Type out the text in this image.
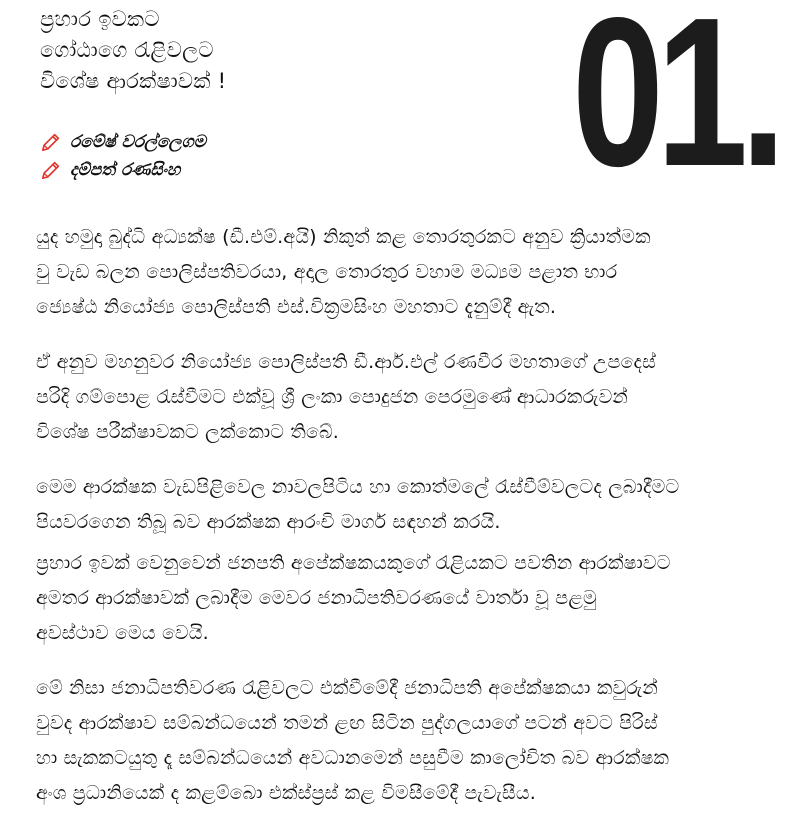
ප්‍රහාර ඉවකට
ගෝඨාගෙ රැළිවලට
විශේෂ ආරක්ෂාවක් !
රමේෂ් වරල්ලෙගම
දම්පත් රණසිංහ 01.
යුද හමුදා බුද්ධි අධ්‍යක්ෂ (ඩී.එම්.අයි) නිකුත් කළ තොරතුරකට අනුව ක්‍රියාත්මක
වු වැඩ බලන පොලිස්පතිවරයා, අදාල තොරතුර වහාම මධ්‍යම පළාත භාර
ජ්‍යෙෂ්ඨ නියෝජ්‍ය පොලිස්පති එස්.වික්‍රමසිංහ මහතාට දැනුම්දී ඇත.
ඒ අනුව මහනුවර නියෝජ්‍ය පොලිස්පති ඩී.ආර්.එල් රණවීර මහතාගේ උපදෙස්
පරිදි ගම්පොළ රැස්වීමට එක්වූ ශ්‍රී ලංකා පොදුජන පෙරමුණේ ආධාරකරුවන්
විශේෂ පරීක්ෂාවකට ලක්කොට තිබේ.
මෙම ආරක්ෂක වැඩපිළිවෙල නාවලපිටිය හා කොත්මලේ රැස්වීම්වලටද ලබාදීමට
පියවරගෙන තිබූ බව ආරක්ෂක ආරංචි මාර්ග සඳහන් කරයි.
ප්‍රහාර ඉවක් වෙනුවෙන් ජනපති අපේක්ෂකයකුගේ රැළියකට පවතින ආරක්ෂාවට
අමතර ආරක්ෂාවක් ලබාදීම මෙවර ජනාධිපතිවරණයේ වාර්තා වූ පළමු
අවස්ථාව මෙය වෙයි.
මේ නිසා ජනාධිපතිවරණ රැළිවලට එක්වීමේදී ජනාධිපති අපේක්ෂකයා කවුරුන්
වුවද ආරක්ෂාව සම්බන්ධයෙන් තමන් ළඟ සිටින පුද්ගලයාගේ පටන් අවට පිරිස්
හා සැකකටයුතු දෑ සම්බන්ධයෙන් අවධානමෙන් පසුවීම කාලෝචිත බව ආරක්ෂක
අංශ ප්‍රධානියෙක් ද කළම්බො එක්ස්ප්‍රස් කළ විමසීමේදී පැවැසීය.
